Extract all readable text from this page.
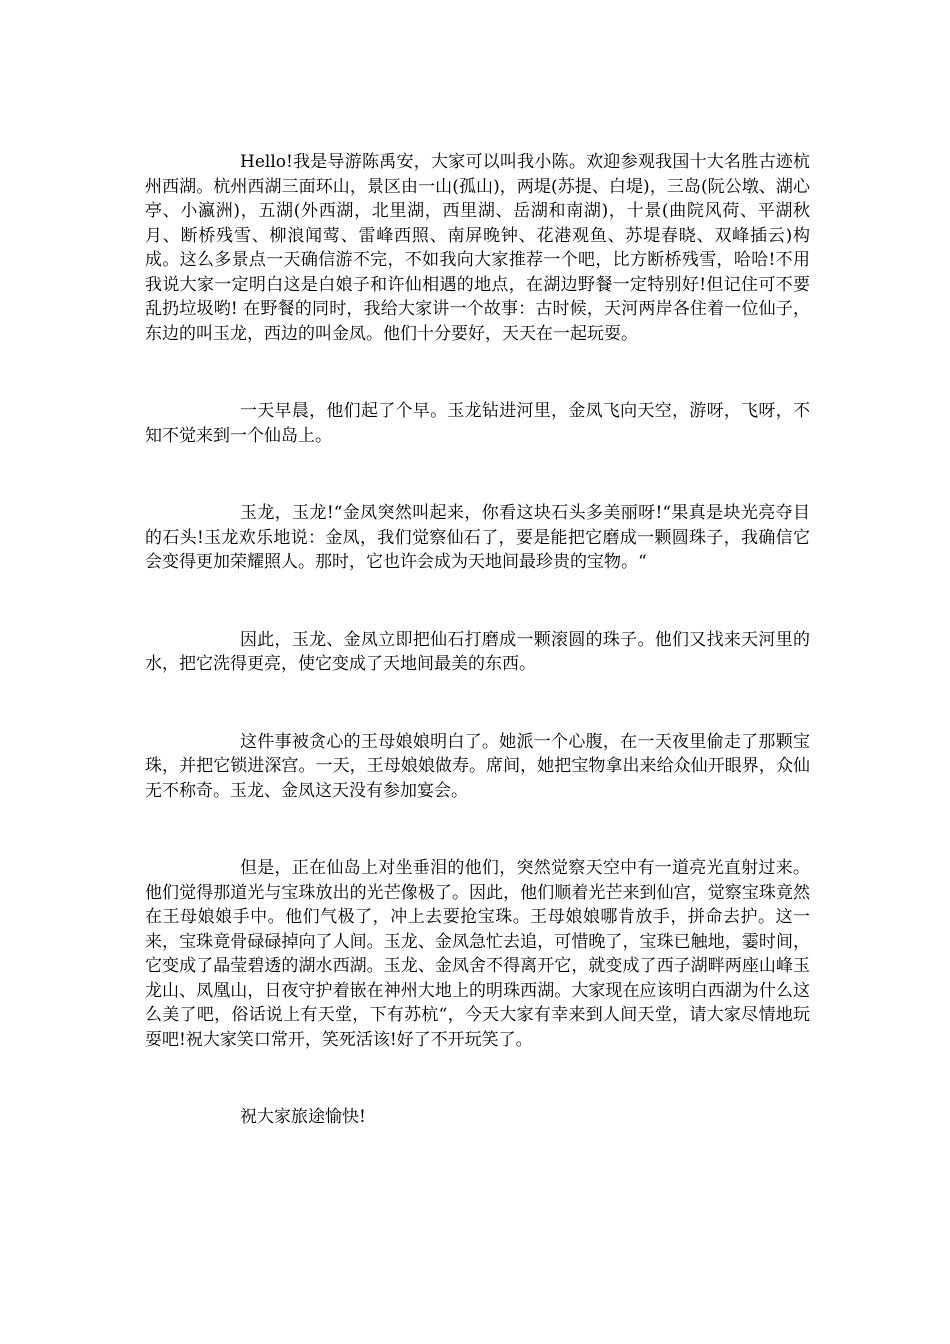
Hello!我是导游陈禹安，大家可以叫我小陈。欢迎参观我国十大名胜古迹杭州西湖。杭州西湖三面环山，景区由一山(孤山)，两堤(苏提、白堤)，三岛(阮公墩、湖心亭、小瀛洲)，五湖(外西湖，北里湖，西里湖、岳湖和南湖)，十景(曲院风荷、平湖秋月、断桥残雪、柳浪闻莺、雷峰西照、南屏晚钟、花港观鱼、苏堤春晓、双峰插云)构成。这么多景点一天确信游不完，不如我向大家推荐一个吧，比方断桥残雪，哈哈!不用我说大家一定明白这是白娘子和许仙相遇的地点，在湖边野餐一定特别好!但记住可不要乱扔垃圾哟! 在野餐的同时，我给大家讲一个故事：古时候，天河两岸各住着一位仙子，东边的叫玉龙，西边的叫金凤。他们十分要好，天天在一起玩耍。

一天早晨，他们起了个早。玉龙钻进河里，金凤飞向天空，游呀，飞呀，不知不觉来到一个仙岛上。

玉龙，玉龙!“金凤突然叫起来，你看这块石头多美丽呀!“果真是块光亮夺目的石头!玉龙欢乐地说：金凤，我们觉察仙石了，要是能把它磨成一颗圆珠子，我确信它会变得更加荣耀照人。那时，它也许会成为天地间最珍贵的宝物。“

因此，玉龙、金凤立即把仙石打磨成一颗滚圆的珠子。他们又找来天河里的水，把它洗得更亮，使它变成了天地间最美的东西。

这件事被贪心的王母娘娘明白了。她派一个心腹，在一天夜里偷走了那颗宝珠，并把它锁进深宫。一天，王母娘娘做寿。席间，她把宝物拿出来给众仙开眼界，众仙无不称奇。玉龙、金凤这天没有参加宴会。

但是，正在仙岛上对坐垂泪的他们，突然觉察天空中有一道亮光直射过来。他们觉得那道光与宝珠放出的光芒像极了。因此，他们顺着光芒来到仙宫，觉察宝珠竟然在王母娘娘手中。他们气极了，冲上去要抢宝珠。王母娘娘哪肯放手，拼命去护。这一来，宝珠竟骨碌碌掉向了人间。玉龙、金凤急忙去追，可惜晚了，宝珠已触地，霎时间，它变成了晶莹碧透的湖水西湖。玉龙、金凤舍不得离开它，就变成了西子湖畔两座山峰玉龙山、凤凰山，日夜守护着嵌在神州大地上的明珠西湖。大家现在应该明白西湖为什么这么美了吧，俗话说上有天堂，下有苏杭“，今天大家有幸来到人间天堂，请大家尽情地玩耍吧!祝大家笑口常开，笑死活该!好了不开玩笑了。

祝大家旅途愉快!
